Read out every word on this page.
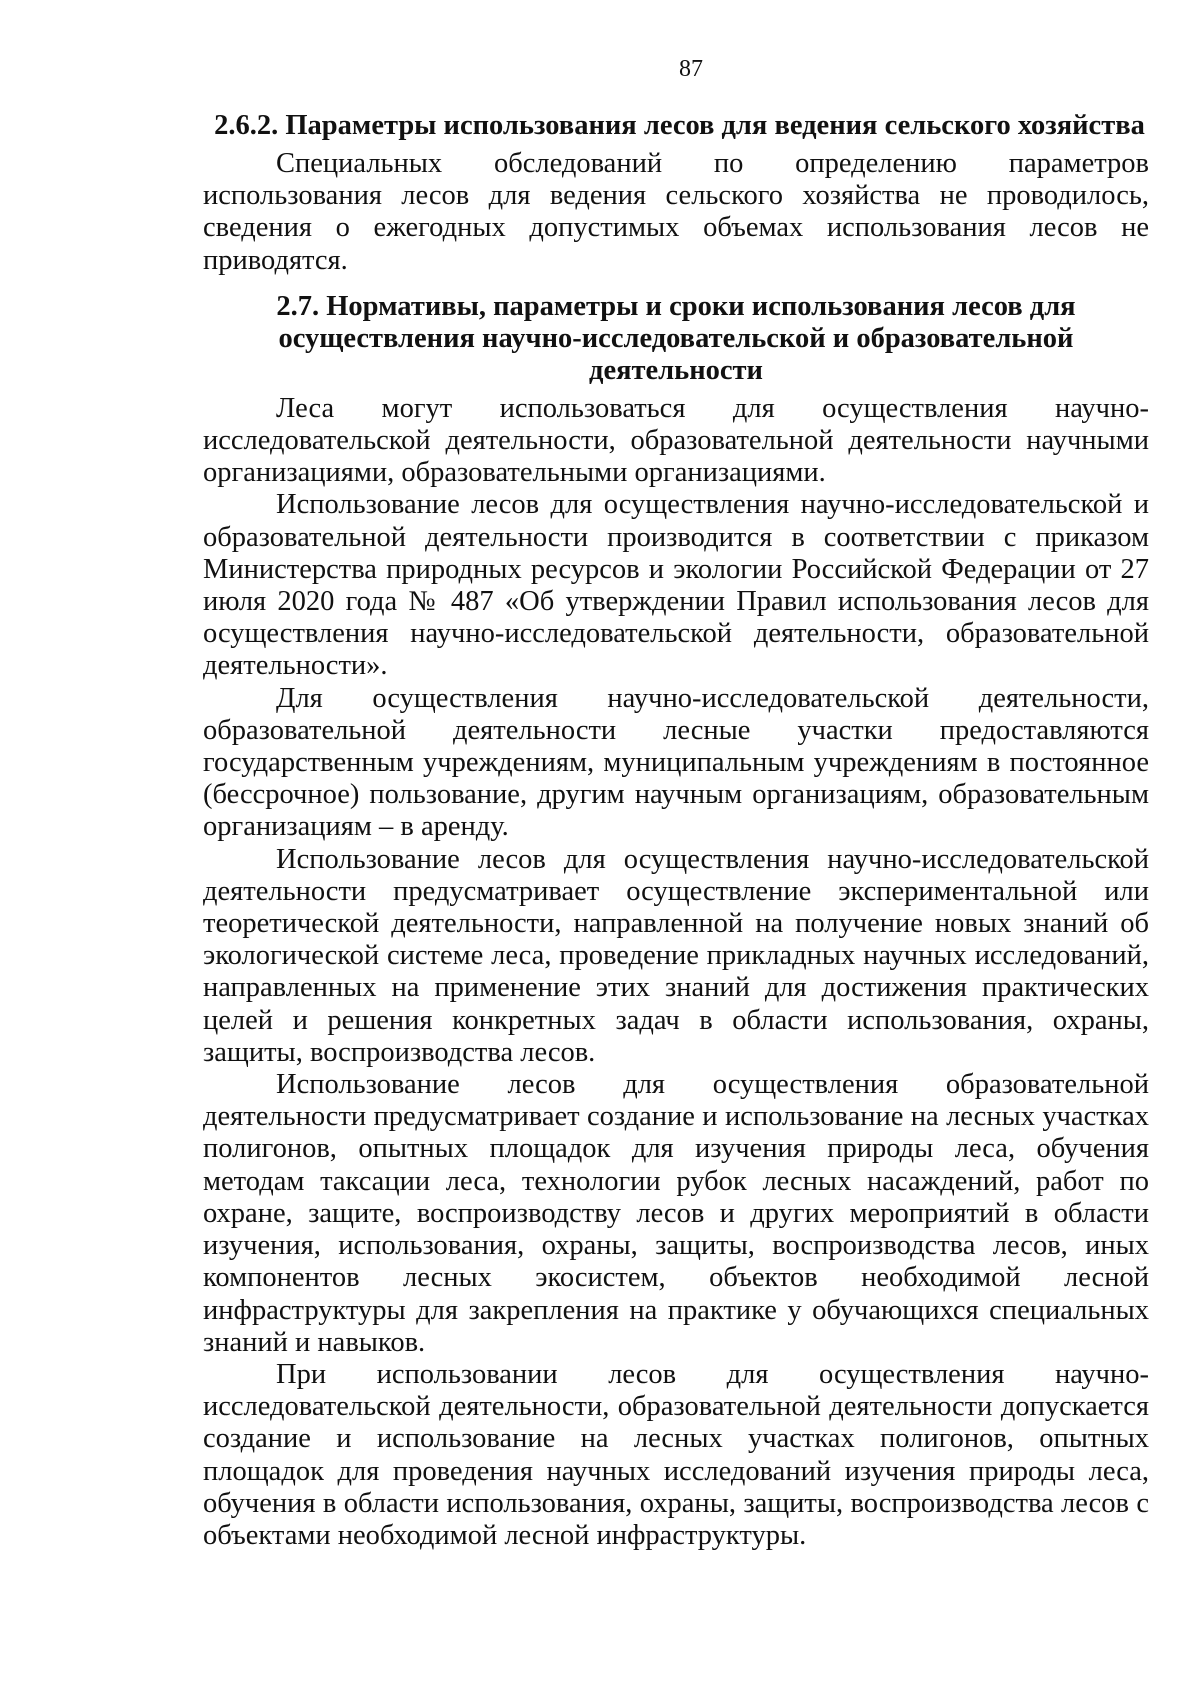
87
2.6.2. Параметры использования лесов для ведения сельского хозяйства

Специальных обследований по определению параметров использования лесов для ведения сельского хозяйства не проводилось, сведения о ежегодных допустимых объемах использования лесов не приводятся.

2.7. Нормативы, параметры и сроки использования лесов для осуществления научно-исследовательской и образовательной деятельности

Леса могут использоваться для осуществления научно-исследовательской деятельности, образовательной деятельности научными организациями, образовательными организациями.

Использование лесов для осуществления научно-исследовательской и образовательной деятельности производится в соответствии с приказом Министерства природных ресурсов и экологии Российской Федерации от 27 июля 2020 года № 487 «Об утверждении Правил использования лесов для осуществления научно-исследовательской деятельности, образовательной деятельности».

Для осуществления научно-исследовательской деятельности, образовательной деятельности лесные участки предоставляются государственным учреждениям, муниципальным учреждениям в постоянное (бессрочное) пользование, другим научным организациям, образовательным организациям – в аренду.

Использование лесов для осуществления научно-исследовательской деятельности предусматривает осуществление экспериментальной или теоретической деятельности, направленной на получение новых знаний об экологической системе леса, проведение прикладных научных исследований, направленных на применение этих знаний для достижения практических целей и решения конкретных задач в области использования, охраны, защиты, воспроизводства лесов.

Использование лесов для осуществления образовательной деятельности предусматривает создание и использование на лесных участках полигонов, опытных площадок для изучения природы леса, обучения методам таксации леса, технологии рубок лесных насаждений, работ по охране, защите, воспроизводству лесов и других мероприятий в области изучения, использования, охраны, защиты, воспроизводства лесов, иных компонентов лесных экосистем, объектов необходимой лесной инфраструктуры для закрепления на практике у обучающихся специальных знаний и навыков.

При использовании лесов для осуществления научно-исследовательской деятельности, образовательной деятельности допускается создание и использование на лесных участках полигонов, опытных площадок для проведения научных исследований изучения природы леса, обучения в области использования, охраны, защиты, воспроизводства лесов с объектами необходимой лесной инфраструктуры.
